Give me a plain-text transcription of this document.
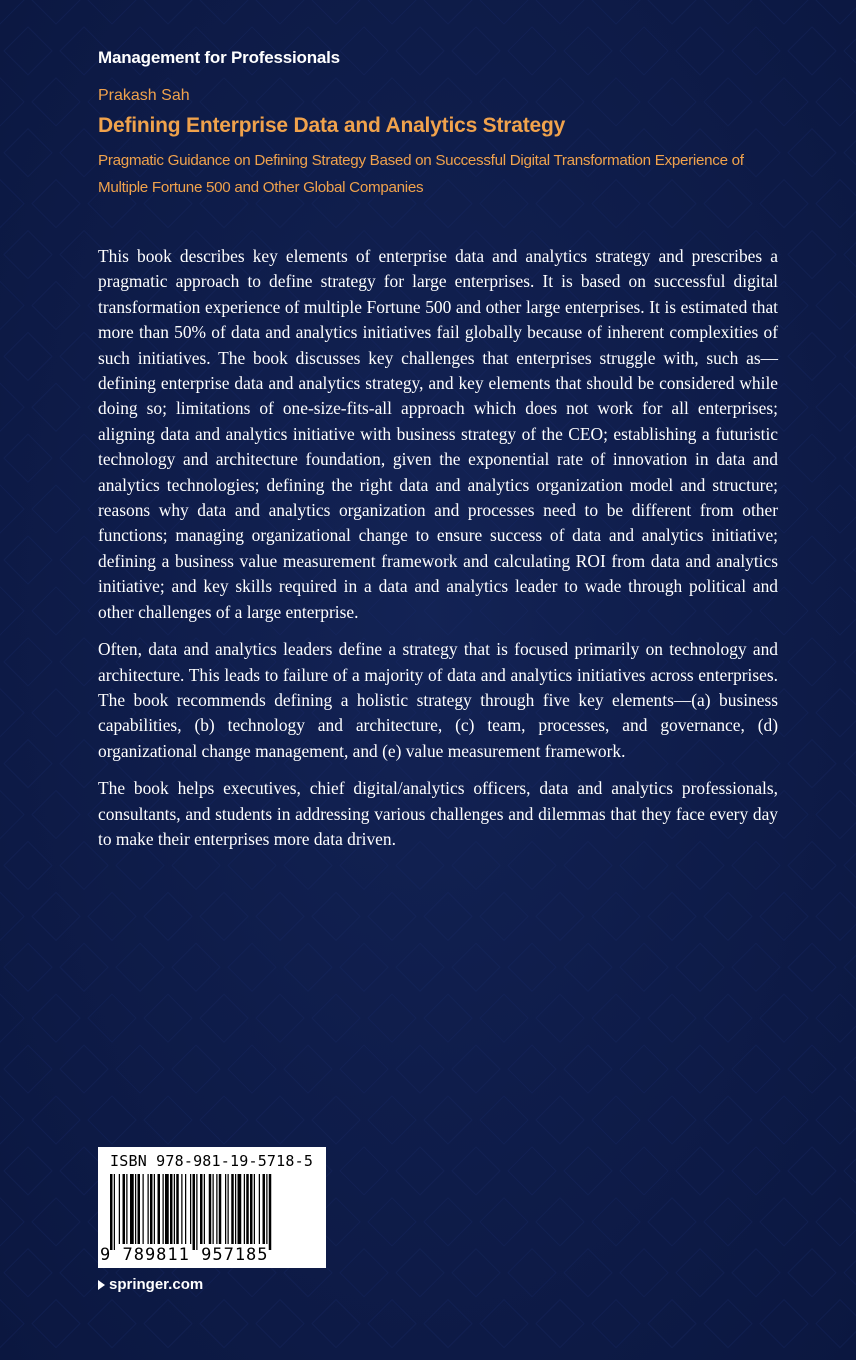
Management for Professionals
Prakash Sah
Defining Enterprise Data and Analytics Strategy
Pragmatic Guidance on Defining Strategy Based on Successful Digital Transformation Experience of
Multiple Fortune 500 and Other Global Companies

This book describes key elements of enterprise data and analytics strategy and prescribes a pragmatic approach to define strategy for large enterprises. It is based on successful digital transformation experience of multiple Fortune 500 and other large enterprises. It is estimated that more than 50% of data and analytics initiatives fail globally because of inherent complexities of such initiatives. The book discusses key challenges that enterprises struggle with, such as—defining enterprise data and analytics strategy, and key elements that should be considered while doing so; limitations of one-size-fits-all approach which does not work for all enterprises; aligning data and analytics initiative with business strategy of the CEO; establishing a futuristic technology and architecture foundation, given the exponential rate of innovation in data and analytics technologies; defining the right data and analytics organization model and structure; reasons why data and analytics organization and processes need to be different from other functions; managing organizational change to ensure success of data and analytics initiative; defining a business value measurement framework and calculating ROI from data and analytics initiative; and key skills required in a data and analytics leader to wade through political and other challenges of a large enterprise.

Often, data and analytics leaders define a strategy that is focused primarily on technology and architecture. This leads to failure of a majority of data and analytics initiatives across enterprises. The book recommends defining a holistic strategy through five key elements—(a) business capabilities, (b) technology and architecture, (c) team, processes, and governance, (d) organizational change management, and (e) value measurement framework.

The book helps executives, chief digital/analytics officers, data and analytics professionals, consultants, and students in addressing various challenges and dilemmas that they face every day to make their enterprises more data driven.

ISBN 978-981-19-5718-5
9 789811 957185
springer.com
